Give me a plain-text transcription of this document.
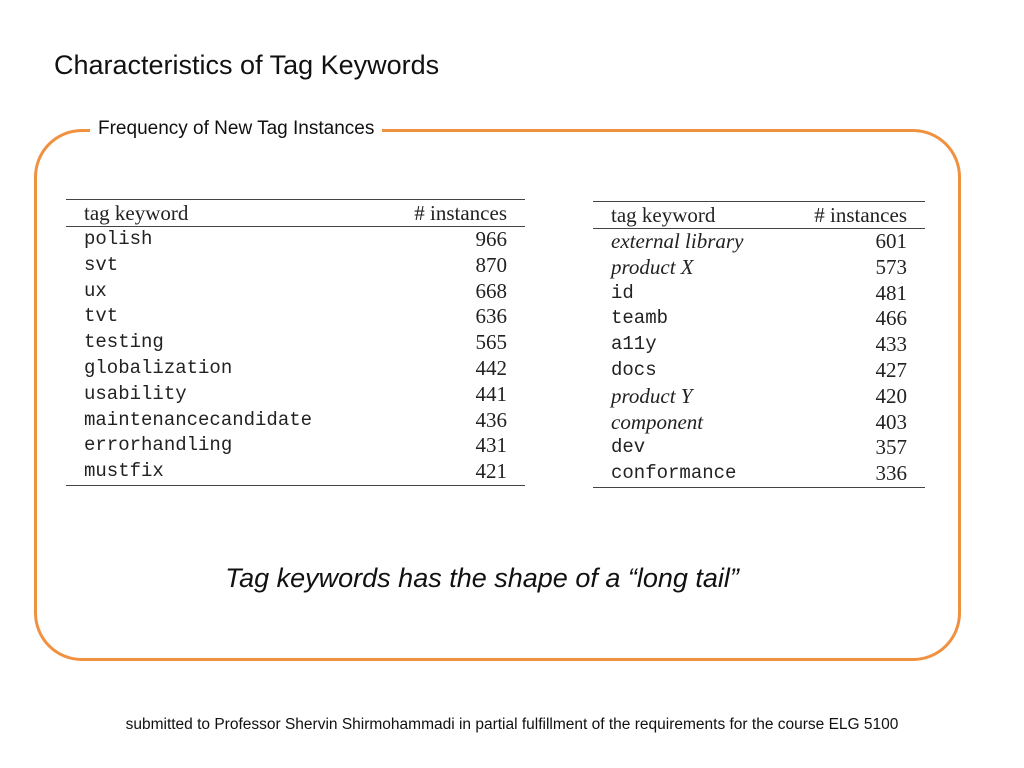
Characteristics of Tag Keywords
Frequency of New Tag Instances
tag keyword	# instances
polish	966
svt	870
ux	668
tvt	636
testing	565
globalization	442
usability	441
maintenancecandidate	436
errorhandling	431
mustfix	421
tag keyword	# instances
external library	601
product X	573
id	481
teamb	466
a11y	433
docs	427
product Y	420
component	403
dev	357
conformance	336
Tag keywords has the shape of a “long tail”
submitted to Professor Shervin Shirmohammadi in partial fulfillment of the requirements for the course ELG 5100
